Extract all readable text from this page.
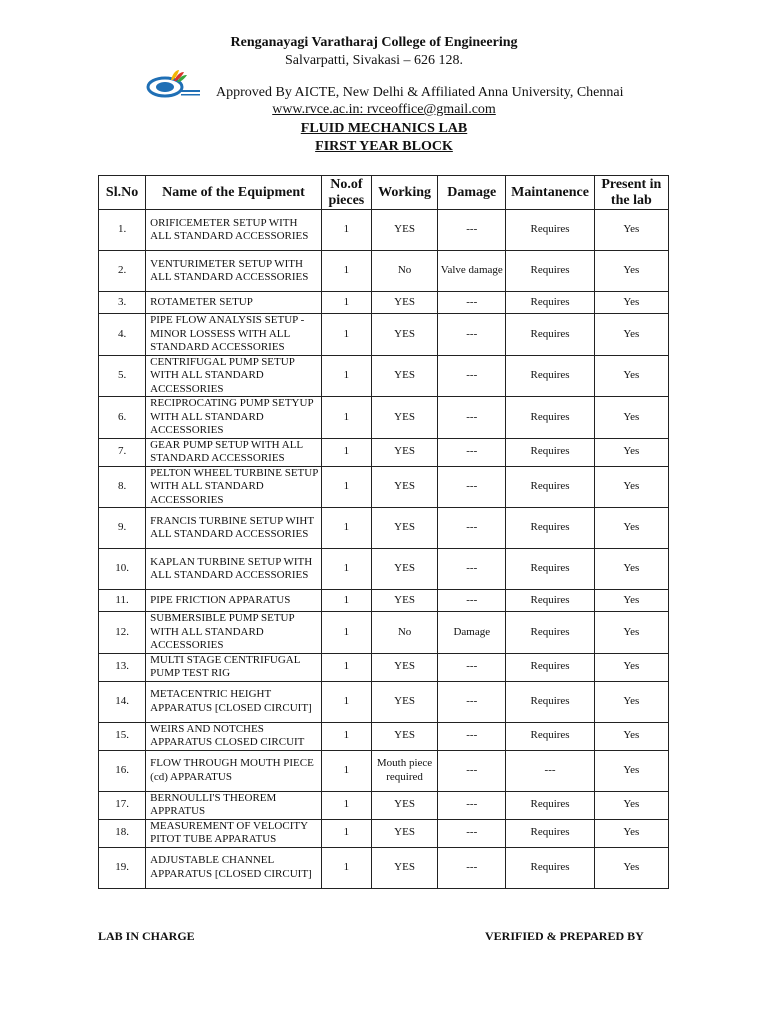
Renganayagi Varatharaj College of Engineering
Salvarpatti, Sivakasi – 626 128.
Approved By AICTE, New Delhi & Affiliated Anna University, Chennai
www.rvce.ac.in: rvceoffice@gmail.com
FLUID MECHANICS LAB
FIRST YEAR BLOCK
Sl.No	Name of the Equipment	No.of pieces	Working	Damage	Maintanence	Present in the lab
1.	ORIFICEMETER SETUP WITH ALL STANDARD ACCESSORIES	1	YES	---	Requires	Yes
2.	VENTURIMETER SETUP WITH ALL STANDARD ACCESSORIES	1	No	Valve damage	Requires	Yes
3.	ROTAMETER SETUP	1	YES	---	Requires	Yes
4.	PIPE FLOW ANALYSIS SETUP - MINOR LOSSESS WITH ALL STANDARD ACCESSORIES	1	YES	---	Requires	Yes
5.	CENTRIFUGAL PUMP SETUP WITH ALL STANDARD ACCESSORIES	1	YES	---	Requires	Yes
6.	RECIPROCATING PUMP SETYUP WITH ALL STANDARD ACCESSORIES	1	YES	---	Requires	Yes
7.	GEAR PUMP SETUP WITH ALL STANDARD ACCESSORIES	1	YES	---	Requires	Yes
8.	PELTON WHEEL TURBINE SETUP WITH ALL STANDARD ACCESSORIES	1	YES	---	Requires	Yes
9.	FRANCIS TURBINE SETUP WIHT ALL STANDARD ACCESSORIES	1	YES	---	Requires	Yes
10.	KAPLAN TURBINE SETUP WITH ALL STANDARD ACCESSORIES	1	YES	---	Requires	Yes
11.	PIPE FRICTION APPARATUS	1	YES	---	Requires	Yes
12.	SUBMERSIBLE PUMP SETUP WITH ALL STANDARD ACCESSORIES	1	No	Damage	Requires	Yes
13.	MULTI STAGE CENTRIFUGAL PUMP TEST RIG	1	YES	---	Requires	Yes
14.	METACENTRIC HEIGHT APPARATUS [CLOSED CIRCUIT]	1	YES	---	Requires	Yes
15.	WEIRS AND NOTCHES APPARATUS CLOSED CIRCUIT	1	YES	---	Requires	Yes
16.	FLOW THROUGH MOUTH PIECE (cd) APPARATUS	1	Mouth piece required	---	---	Yes
17.	BERNOULLI'S THEOREM APPRATUS	1	YES	---	Requires	Yes
18.	MEASUREMENT OF VELOCITY PITOT TUBE APPARATUS	1	YES	---	Requires	Yes
19.	ADJUSTABLE CHANNEL APPARATUS [CLOSED CIRCUIT]	1	YES	---	Requires	Yes
LAB IN CHARGE	VERIFIED & PREPARED BY
